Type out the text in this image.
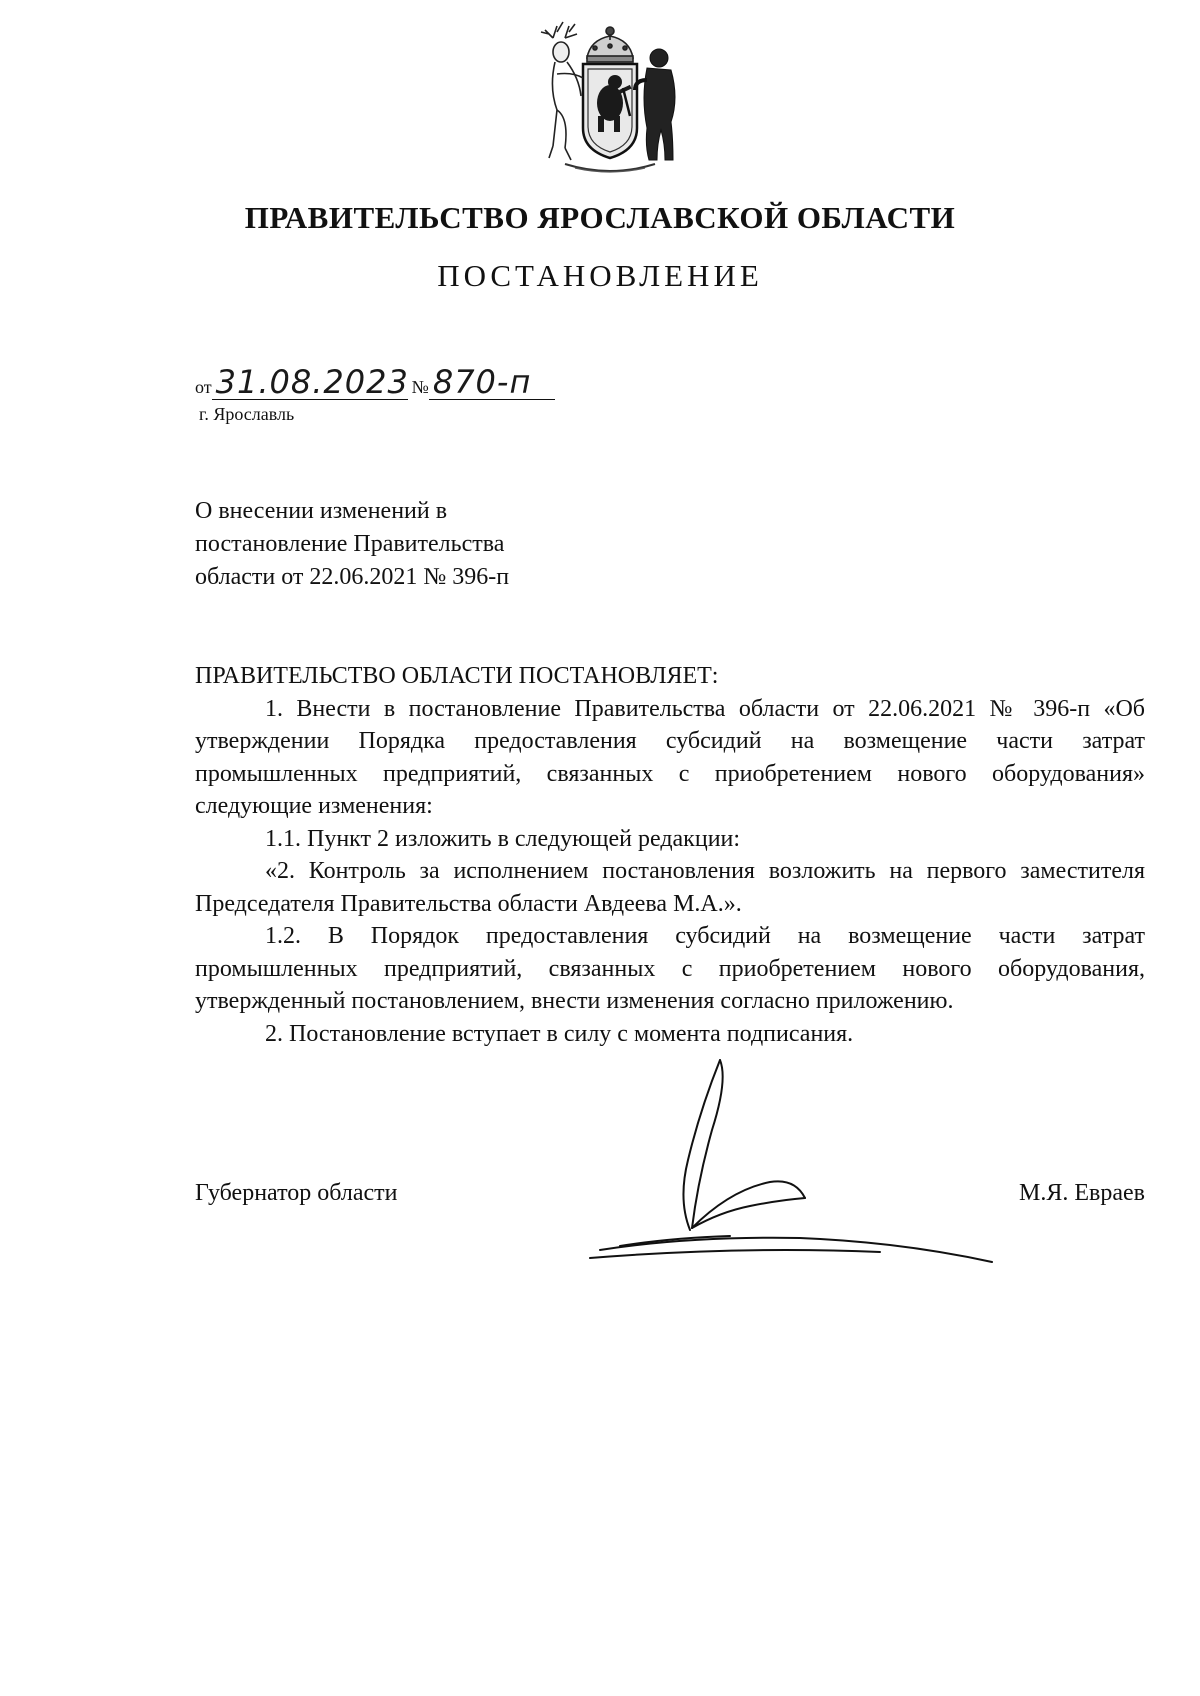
ПРАВИТЕЛЬСТВО ЯРОСЛАВСКОЙ ОБЛАСТИ
ПОСТАНОВЛЕНИЕ
от 31.08.2023 № 870-п
г. Ярославль
О внесении изменений в
постановление Правительства
области от 22.06.2021 № 396-п
ПРАВИТЕЛЬСТВО ОБЛАСТИ ПОСТАНОВЛЯЕТ:
1. Внести в постановление Правительства области от 22.06.2021 № 396-п «Об утверждении Порядка предоставления субсидий на возмещение части затрат промышленных предприятий, связанных с приобретением нового оборудования» следующие изменения:
1.1. Пункт 2 изложить в следующей редакции:
«2. Контроль за исполнением постановления возложить на первого заместителя Председателя Правительства области Авдеева М.А.».
1.2. В Порядок предоставления субсидий на возмещение части затрат промышленных предприятий, связанных с приобретением нового оборудования, утвержденный постановлением, внести изменения согласно приложению.
2. Постановление вступает в силу с момента подписания.
Губернатор области	М.Я. Евраев
